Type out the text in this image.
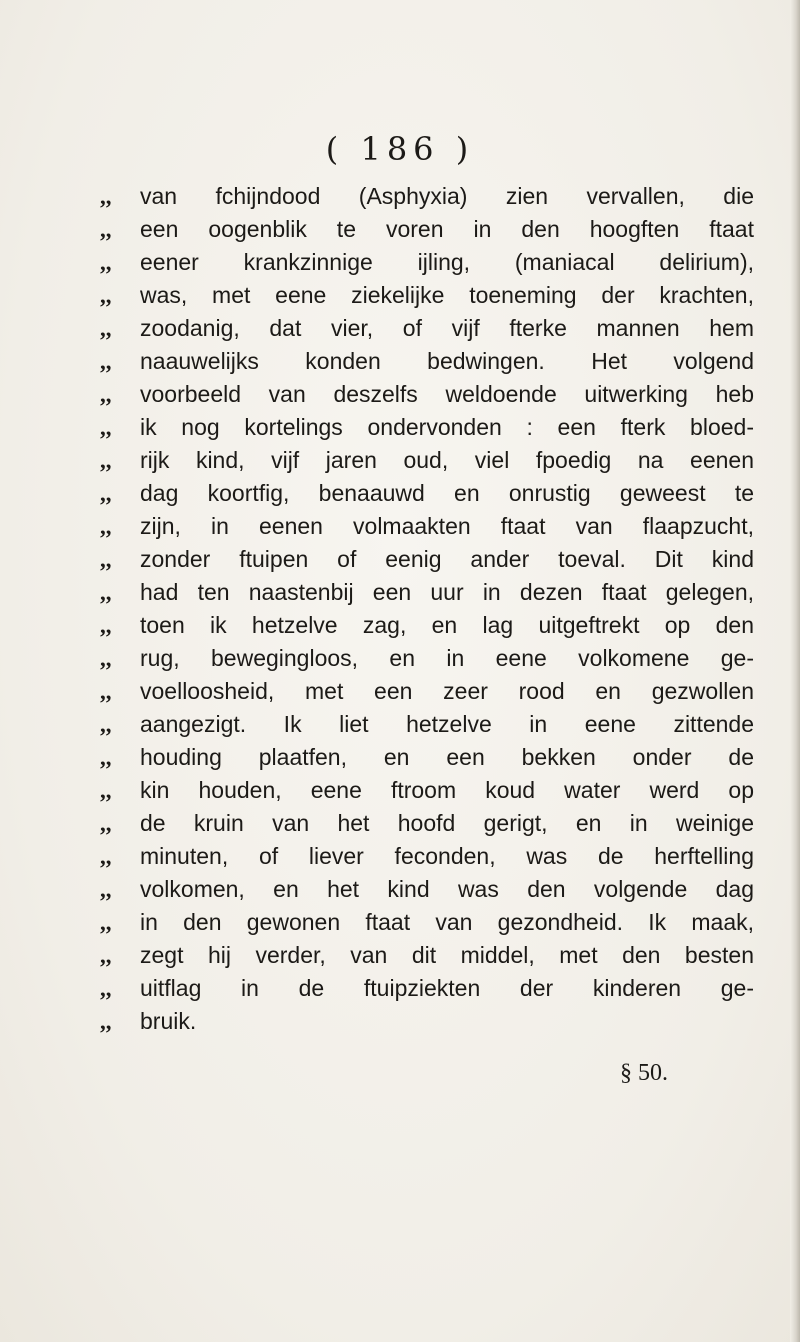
( 186 )
,,	van fchijndood (Asphyxia) zien vervallen, die
,,	een oogenblik te voren in den hoogften ftaat
,,	eener krankzinnige ijling, (maniacal delirium),
,,	was, met eene ziekelijke toeneming der krachten,
,,	zoodanig, dat vier, of vijf fterke mannen hem
,,	naauwelijks konden bedwingen. Het volgend
,,	voorbeeld van deszelfs weldoende uitwerking heb
,,	ik nog kortelings ondervonden : een fterk bloed-
,,	rijk kind, vijf jaren oud, viel fpoedig na eenen
,,	dag koortfig, benaauwd en onrustig geweest te
,,	zijn, in eenen volmaakten ftaat van flaapzucht,
,,	zonder ftuipen of eenig ander toeval. Dit kind
,,	had ten naastenbij een uur in dezen ftaat gelegen,
,,	toen ik hetzelve zag, en lag uitgeftrekt op den
,,	rug, bewegingloos, en in eene volkomene ge-
,,	voelloosheid, met een zeer rood en gezwollen
,,	aangezigt. Ik liet hetzelve in eene zittende
,,	houding plaatfen, en een bekken onder de
,,	kin houden, eene ftroom koud water werd op
,,	de kruin van het hoofd gerigt, en in weinige
,,	minuten, of liever feconden, was de herftelling
,,	volkomen, en het kind was den volgende dag
,,	in den gewonen ftaat van gezondheid. Ik maak,
,,	zegt hij verder, van dit middel, met den besten
,,	uitflag in de ftuipziekten der kinderen ge-
,,	bruik.
§ 50.
